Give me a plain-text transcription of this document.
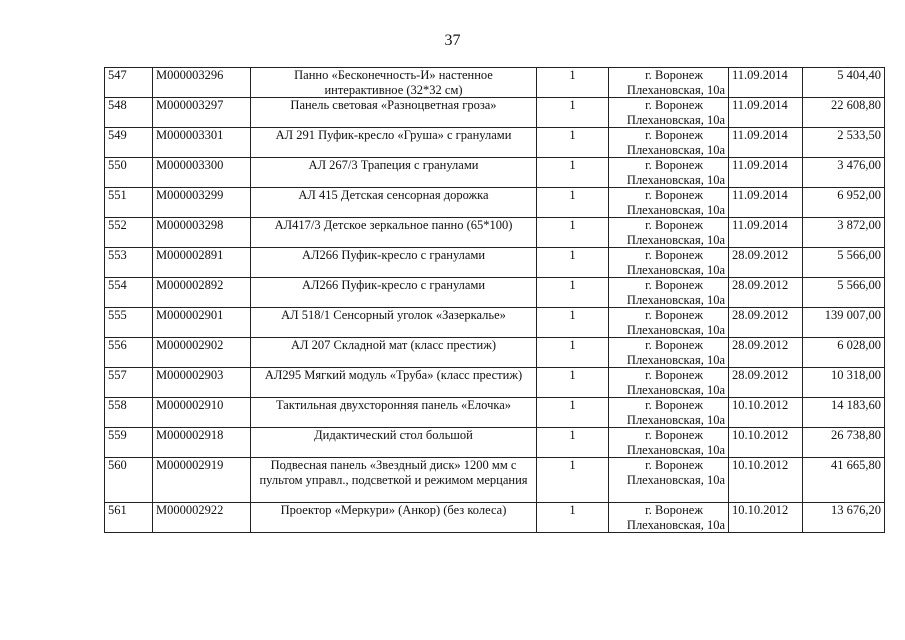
37
547	М000003296	Панно «Бесконечность-И» настенное интерактивное (32*32 см)	1	г. Воронеж
Плехановская, 10а	11.09.2014	5 404,40
548	М000003297	Панель световая «Разноцветная гроза»	1	г. Воронеж
Плехановская, 10а	11.09.2014	22 608,80
549	М000003301	АЛ 291 Пуфик-кресло «Груша» с гранулами	1	г. Воронеж
Плехановская, 10а	11.09.2014	2 533,50
550	М000003300	АЛ 267/3 Трапеция с гранулами	1	г. Воронеж
Плехановская, 10а	11.09.2014	3 476,00
551	М000003299	АЛ 415 Детская сенсорная дорожка	1	г. Воронеж
Плехановская, 10а	11.09.2014	6 952,00
552	М000003298	АЛ417/3 Детское зеркальное панно (65*100)	1	г. Воронеж
Плехановская, 10а	11.09.2014	3 872,00
553	М000002891	АЛ266 Пуфик-кресло с гранулами	1	г. Воронеж
Плехановская, 10а	28.09.2012	5 566,00
554	М000002892	АЛ266 Пуфик-кресло с гранулами	1	г. Воронеж
Плехановская, 10а	28.09.2012	5 566,00
555	М000002901	АЛ 518/1 Сенсорный уголок «Зазеркалье»	1	г. Воронеж
Плехановская, 10а	28.09.2012	139 007,00
556	М000002902	АЛ 207 Складной мат (класс престиж)	1	г. Воронеж
Плехановская, 10а	28.09.2012	6 028,00
557	М000002903	АЛ295 Мягкий модуль «Труба» (класс престиж)	1	г. Воронеж
Плехановская, 10а	28.09.2012	10 318,00
558	М000002910	Тактильная двухсторонняя панель «Елочка»	1	г. Воронеж
Плехановская, 10а	10.10.2012	14 183,60
559	М000002918	Дидактический стол большой	1	г. Воронеж
Плехановская, 10а	10.10.2012	26 738,80
560	М000002919	Подвесная панель «Звездный диск» 1200 мм с пультом управл., подсветкой и режимом мерцания	1	г. Воронеж
Плехановская, 10а	10.10.2012	41 665,80
561	М000002922	Проектор «Меркури» (Анкор) (без колеса)	1	г. Воронеж
Плехановская, 10а	10.10.2012	13 676,20
